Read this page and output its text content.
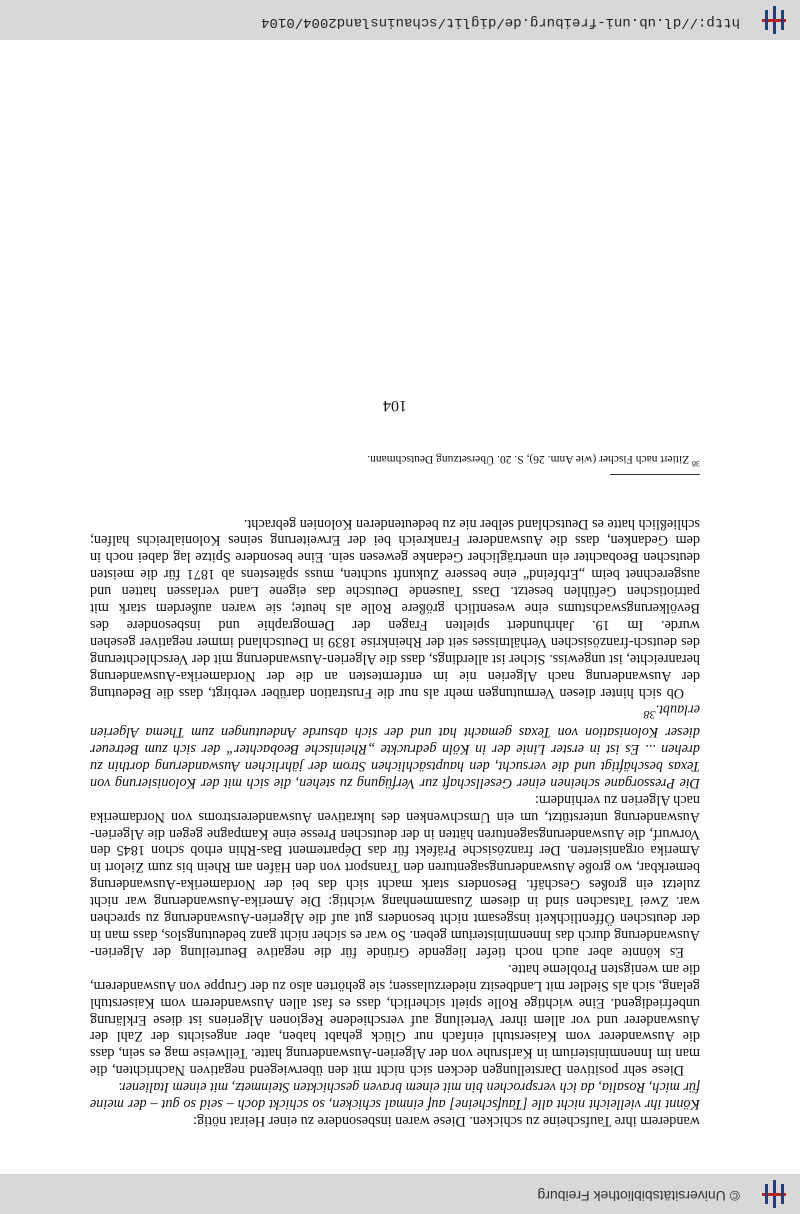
© Universitätsbibliothek Freiburg

wanderern ihre Taufscheine zu schicken. Diese waren insbesondere zu einer Heirat nötig:

Könnt ihr vielleicht nicht alle [Taufscheine] auf einmal schicken, so schickt doch – seid so gut – der meine für mich, Rosalia, da ich versprochen bin mit einem braven geschickten Steinmetz, mit einem Italiener.

Diese sehr positiven Darstellungen decken sich nicht mit den überwiegend negativen Nachrichten, die man im Innenministerium in Karlsruhe von der Algerien-Auswanderung hatte. Teilweise mag es sein, dass die Auswanderer vom Kaiserstuhl einfach nur Glück gehabt haben, aber angesichts der Zahl der Auswanderer und vor allem ihrer Verteilung auf verschiedene Regionen Algeriens ist diese Erklärung unbefriedigend. Eine wichtige Rolle spielt sicherlich, dass es fast allen Auswanderern vom Kaiserstuhl gelang, sich als Siedler mit Landbesitz niederzulassen; sie gehörten also zu der Gruppe von Auswanderern, die am wenigsten Probleme hatte.

Es könnte aber auch noch tiefer liegende Gründe für die negative Beurteilung der Algerien-Auswanderung durch das Innenministerium geben. So war es sicher nicht ganz bedeutungslos, dass man in der deutschen Öffentlichkeit insgesamt nicht besonders gut auf die Algerien-Auswanderung zu sprechen war. Zwei Tatsachen sind in diesem Zusammenhang wichtig: Die Amerika-Auswanderung war nicht zuletzt ein großes Geschäft. Besonders stark macht sich das bei der Nordamerika-Auswanderung bemerkbar, wo große Auswanderungsagenturen den Transport von den Häfen am Rhein bis zum Zielort in Amerika organisierten. Der französische Präfekt für das Département Bas-Rhin erhob schon 1845 den Vorwurf, die Auswanderungsagenturen hätten in der deutschen Presse eine Kampagne gegen die Algerien-Auswanderung unterstützt, um ein Umschwenken des lukrativen Auswandererstroms von Nordamerika nach Algerien zu verhindern:

Die Pressorgane scheinen einer Gesellschaft zur Verfügung zu stehen, die sich mit der Kolonisierung von Texas beschäftigt und die versucht, den hauptsächlichen Strom der jährlichen Auswanderung dorthin zu drehen ... Es ist in erster Linie der in Köln gedruckte „Rheinische Beobachter“ der sich zum Betreuer dieser Kolonisation von Texas gemacht hat und der sich absurde Andeutungen zum Thema Algerien erlaubt.$^{38}$

Ob sich hinter diesen Vermutungen mehr als nur die Frustration darüber verbirgt, dass die Bedeutung der Auswanderung nach Algerien nie im entferntesten an die der Nordamerika-Auswanderung heranreichte, ist ungewiss. Sicher ist allerdings, dass die Algerien-Auswanderung mit der Verschlechterung des deutsch-französischen Verhältnisses seit der Rheinkrise 1839 in Deutschland immer negativer gesehen wurde. Im 19. Jahrhundert spielten Fragen der Demographie und insbesondere des Bevölkerungswachstums eine wesentlich größere Rolle als heute; sie waren außerdem stark mit patriotischen Gefühlen besetzt. Dass Tausende Deutsche das eigene Land verlassen hatten und ausgerechnet beim „Erbfeind“ eine bessere Zukunft suchten, muss spätestens ab 1871 für die meisten deutschen Beobachter ein unerträglicher Gedanke gewesen sein. Eine besondere Spitze lag dabei noch in dem Gedanken, dass die Auswanderer Frankreich bei der Erweiterung seines Kolonialreichs halfen; schließlich hatte es Deutschland selber nie zu bedeutenderen Kolonien gebracht.

$^{38}$ Zitiert nach Fischer (wie Anm. 26), S. 20. Übersetzung Deutschmann.
104
http://dl.ub.uni-freiburg.de/diglit/schauinsland2004/0104
